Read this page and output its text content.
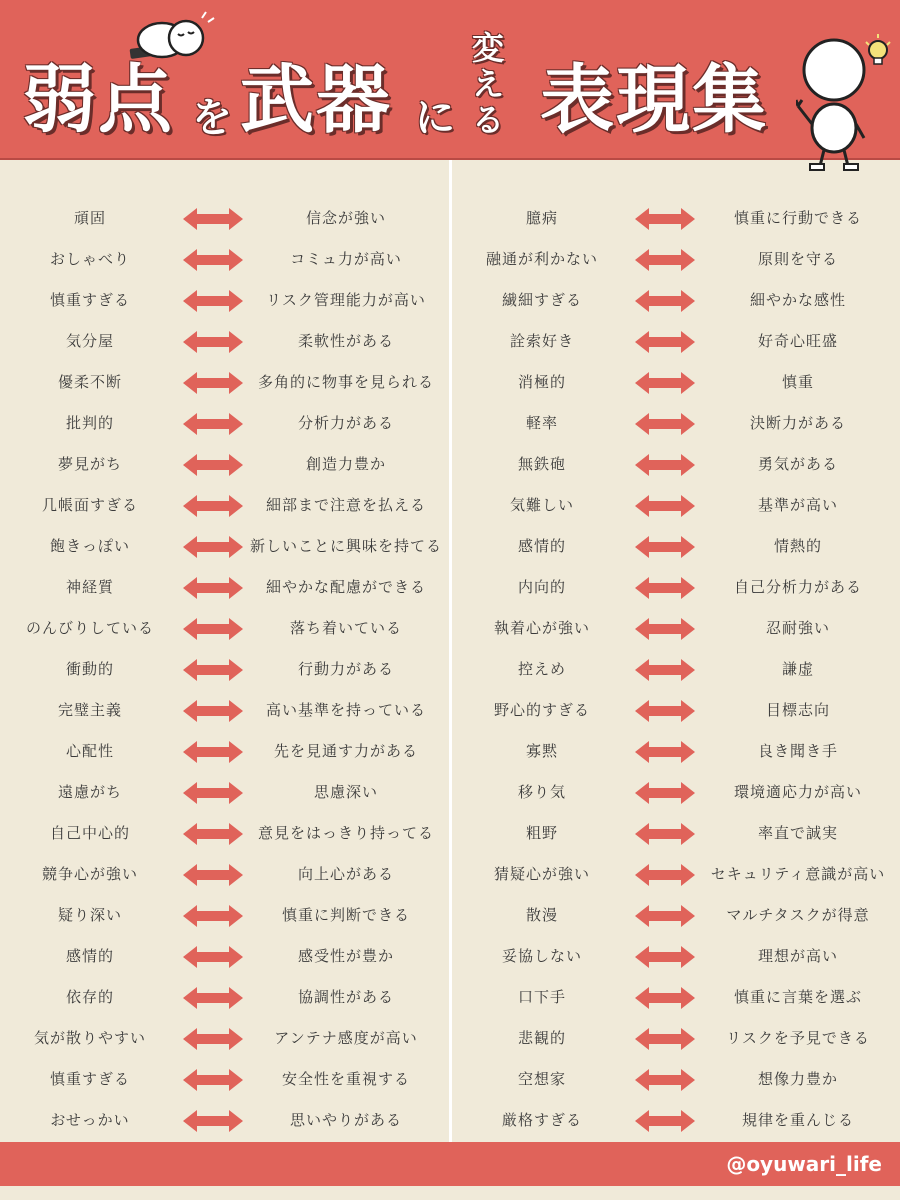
弱点 を 武器 に
変
え
る 表現集
頑固	信念が強い
おしゃべり	コミュ力が高い
慎重すぎる	リスク管理能力が高い
気分屋	柔軟性がある
優柔不断	多角的に物事を見られる
批判的	分析力がある
夢見がち	創造力豊か
几帳面すぎる	細部まで注意を払える
飽きっぽい	新しいことに興味を持てる
神経質	細やかな配慮ができる
のんびりしている	落ち着いている
衝動的	行動力がある
完璧主義	高い基準を持っている
心配性	先を見通す力がある
遠慮がち	思慮深い
自己中心的	意見をはっきり持ってる
競争心が強い	向上心がある
疑り深い	慎重に判断できる
感情的	感受性が豊か
依存的	協調性がある
気が散りやすい	アンテナ感度が高い
慎重すぎる	安全性を重視する
おせっかい	思いやりがある
臆病	慎重に行動できる
融通が利かない	原則を守る
繊細すぎる	細やかな感性
詮索好き	好奇心旺盛
消極的	慎重
軽率	決断力がある
無鉄砲	勇気がある
気難しい	基準が高い
感情的	情熱的
内向的	自己分析力がある
執着心が強い	忍耐強い
控えめ	謙虚
野心的すぎる	目標志向
寡黙	良き聞き手
移り気	環境適応力が高い
粗野	率直で誠実
猜疑心が強い	セキュリティ意識が高い
散漫	マルチタスクが得意
妥協しない	理想が高い
口下手	慎重に言葉を選ぶ
悲観的	リスクを予見できる
空想家	想像力豊か
厳格すぎる	規律を重んじる
@oyuwari_life
